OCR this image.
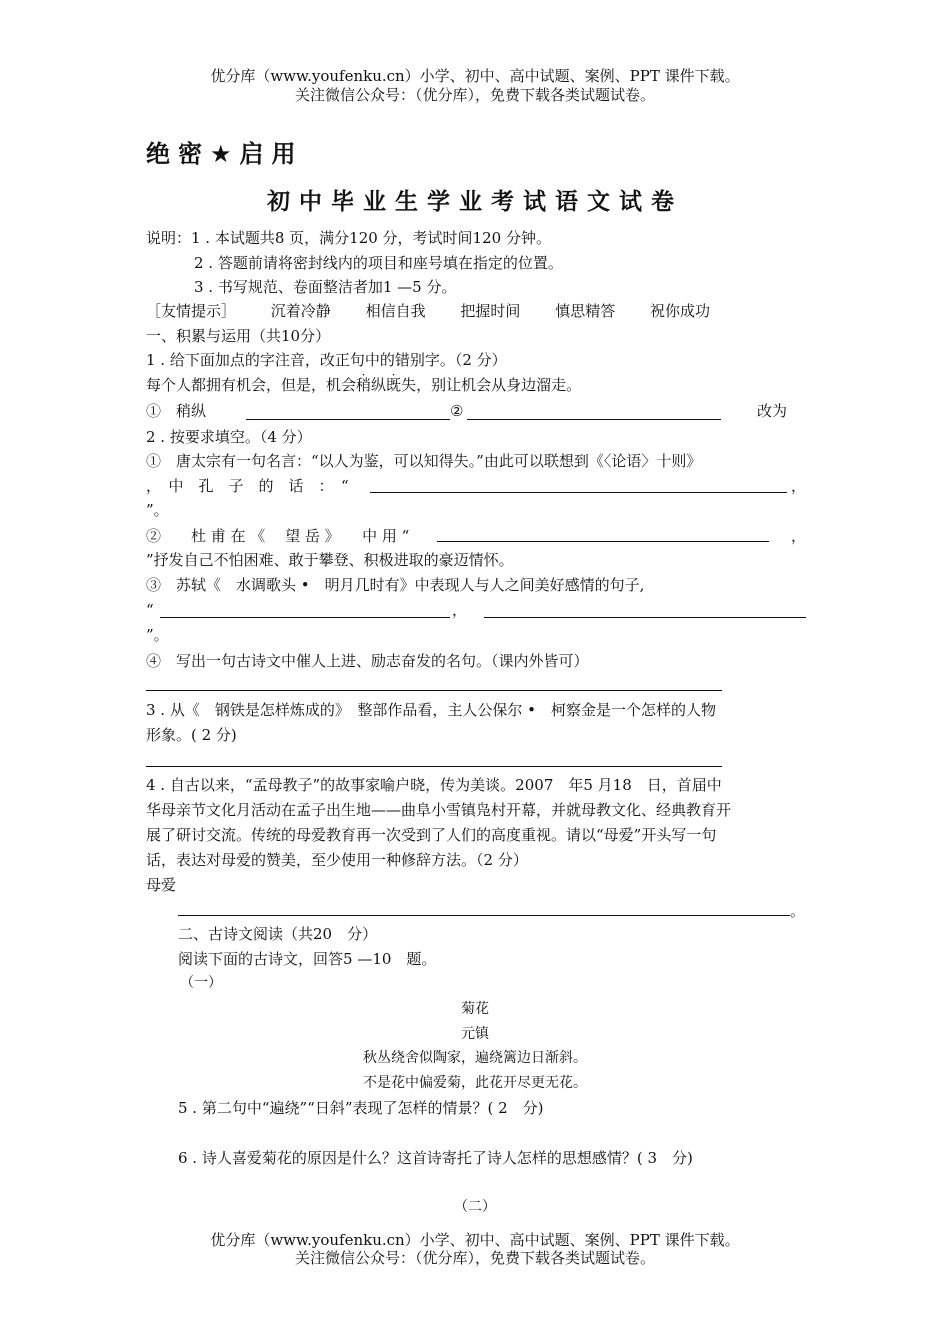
优分库（www.youfenku.cn）小学、初中、高中试题、案例、PPT 课件下载。
关注微信公众号：（优分库），免费下载各类试题试卷。
绝密★启用
初中毕业生学业考试语文试卷
说明：1 . 本试题共8 页，满分120 分，考试时间120 分钟。
2 . 答题前请将密封线内的项目和座号填在指定的位置。
3 . 书写规范、卷面整洁者加1 —5 分。
［友情提示］ 沉着冷静 相信自我 把握时间 慎思精答 祝你成功
一、积累与运用（共10分）
1 . 给下面加点的字注音，改正句中的错别字。（2 分）
每个人都拥有机会，但是，机会稍纵既失，别让机会从身边溜走。
①　稍纵	②	改为
2 . 按要求填空。（4 分）
①　唐太宗有一句名言：“以人为鉴，可以知得失。”由此可以联想到《〈论语〉十则》
，　中　孔　子　的　话　：　“	，
”。
②　　杜 甫 在 《　 望 岳 》　　中 用 “	，
”抒发自己不怕困难、敢于攀登、积极进取的豪迈情怀。
③　苏轼《　水调歌头 •　明月几时有》中表现人与人之间美好感情的句子,
“	，
”。
④　写出一句古诗文中催人上进、励志奋发的名句。（课内外皆可）
3 . 从《　钢铁是怎样炼成的》　整部作品看，主人公保尔 •　柯察金是一个怎样的人物
形象。( 2 分)
4 . 自古以来，“孟母教子”的故事家喻户晓，传为美谈。2007　年5 月18　日，首届中
华母亲节文化月活动在孟子出生地——曲阜小雪镇凫村开幕，并就母教文化、经典教育开
展了研讨交流。传统的母爱教育再一次受到了人们的高度重视。请以“母爱”开头写一句
话，表达对母爱的赞美，至少使用一种修辞方法。（2 分）
母爱
。
二、古诗文阅读（共20　分）
阅读下面的古诗文，回答5 —10　题。
（一）
菊花
元镇
秋丛绕舍似陶家，遍绕篱边日渐斜。
不是花中偏爱菊，此花开尽更无花。
5 . 第二句中“遍绕”“日斜”表现了怎样的情景？( 2　分)
6 . 诗人喜爱菊花的原因是什么？这首诗寄托了诗人怎样的思想感情？( 3　分)
（二）
优分库（www.youfenku.cn）小学、初中、高中试题、案例、PPT 课件下载。
关注微信公众号：（优分库），免费下载各类试题试卷。
